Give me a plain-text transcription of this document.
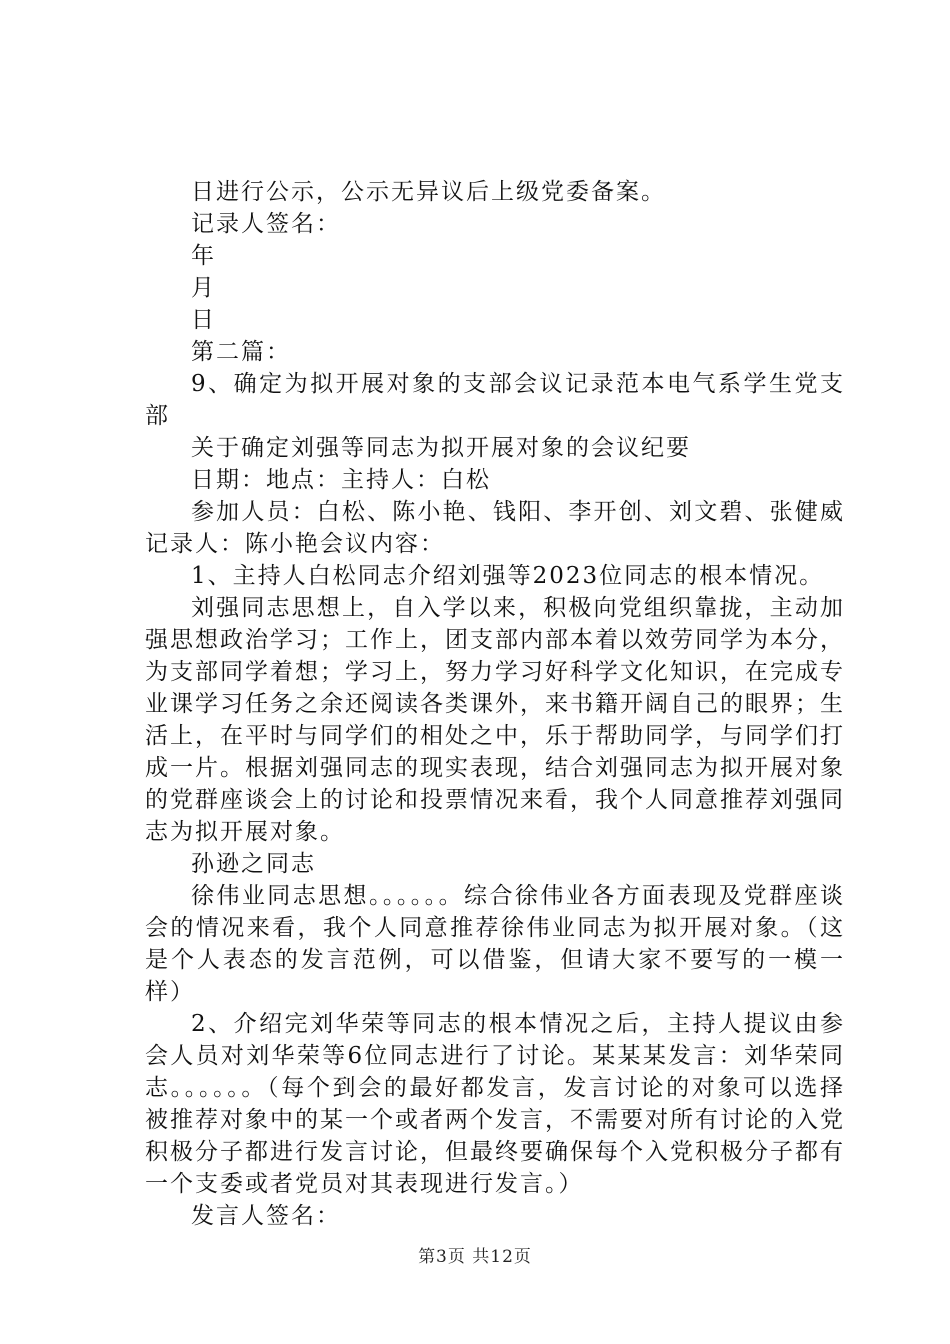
日进行公示，公示无异议后上级党委备案。

记录人签名：

年

月

日

第二篇：

9、确定为拟开展对象的支部会议记录范本电气系学生党支部

关于确定刘强等同志为拟开展对象的会议纪要

日期：地点：主持人：白松

参加人员：白松、陈小艳、钱阳、李开创、刘文碧、张健威记录人：陈小艳会议内容：

1、主持人白松同志介绍刘强等2023位同志的根本情况。

刘强同志思想上，自入学以来，积极向党组织靠拢，主动加强思想政治学习；工作上，团支部内部本着以效劳同学为本分，为支部同学着想；学习上，努力学习好科学文化知识，在完成专业课学习任务之余还阅读各类课外，来书籍开阔自己的眼界；生活上，在平时与同学们的相处之中，乐于帮助同学，与同学们打成一片。根据刘强同志的现实表现，结合刘强同志为拟开展对象的党群座谈会上的讨论和投票情况来看，我个人同意推荐刘强同志为拟开展对象。

孙逊之同志

徐伟业同志思想。。。。。。综合徐伟业各方面表现及党群座谈会的情况来看，我个人同意推荐徐伟业同志为拟开展对象。（这是个人表态的发言范例，可以借鉴，但请大家不要写的一模一样）

2、介绍完刘华荣等同志的根本情况之后，主持人提议由参会人员对刘华荣等6位同志进行了讨论。某某某发言：刘华荣同志。。。。。。（每个到会的最好都发言，发言讨论的对象可以选择被推荐对象中的某一个或者两个发言，不需要对所有讨论的入党积极分子都进行发言讨论，但最终要确保每个入党积极分子都有一个支委或者党员对其表现进行发言。）

发言人签名：

第3页 共12页
